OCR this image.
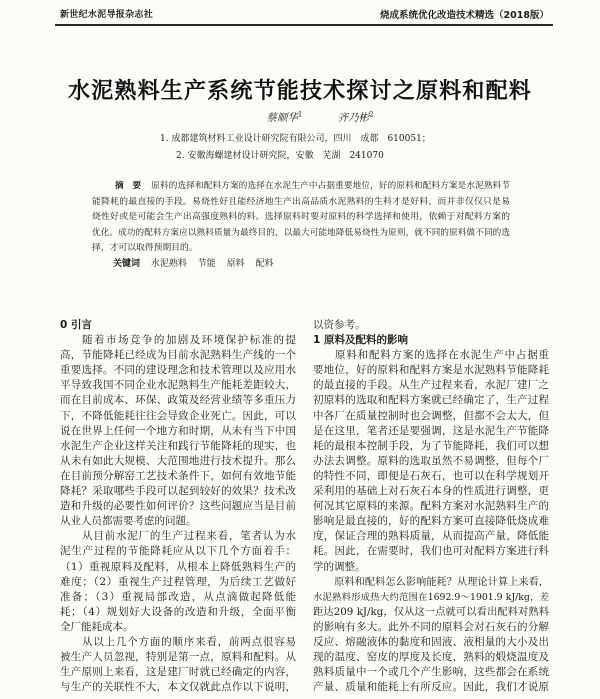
新世纪水泥导报杂志社	烧成系统优化改造技术精选（2018版）
水泥熟料生产系统节能技术探讨之原料和配料
蔡顺华$^1$	齐乃彬$^2$
1. 成都建筑材料工业设计研究院有限公司，四川　成都　610051；
2. 安徽海螺建材设计研究院，安徽　芜湖　241070
摘　要 原料的选择和配料方案的选择在水泥生产中占据重要地位，好的原料和配料方案是水泥熟料节
能降耗的最直接的手段。易烧性好且能经济地生产出高品质水泥熟料的生料才是好料，而并非仅仅只是易
烧性好或是可能会生产出高强度熟料的料。选择原料时要对原料的科学选择和使用，依赖于对配料方案的
优化。成功的配料方案应以熟料质量为最终目的，以最大可能地降低易烧性为原则，就不同的原料做不同的选
择，才可以取得预期目的。
关键词 水泥熟料 节能 原料 配料
0 引言
随着市场竞争的加剧及环境保护标准的提
高，节能降耗已经成为目前水泥熟料生产线的一个
重要选择。不同的建设理念和技术管理以及应用水
平导致我国不同企业水泥熟料生产能耗差距较大，
而在目前成本、环保、政策及经营业绩等多重压力
下，不降低能耗往往会导致企业死亡。因此，可以
说在世界上任何一个地方和时期，从未有当下中国
水泥生产企业这样关注和践行节能降耗的现实，也
从未有如此大规模、大范围地进行技术提升。那么
在目前预分解窑工艺技术条件下，如何有效地节能
降耗？采取哪些手段可以起到较好的效果？技术改
造和升级的必要性如何评价？这些问题应当是目前
从业人员都需要考虑的问题。
从目前水泥厂的生产过程来看，笔者认为水
泥生产过程的节能降耗应从以下几个方面着手：
（1）重视原料及配料，从根本上降低熟料生产的
难度；（2）重视生产过程管理，为后续工艺做好
准备；（3）重视局部改造，从点滴做起降低能
耗；（4）规划好大设备的改造和升级，全面平衡
全厂能耗成本。
从以上几个方面的顺序来看，前两点很容易
被生产人员忽视，特别是第一点，原料和配料。从
生产原则上来看，这是建厂时就已经确定的内容，
与生产的关联性不大，本文仅就此点作以下说明，
以资参考。
1 原料及配料的影响
原料和配料方案的选择在水泥生产中占据重
要地位，好的原料和配料方案是水泥熟料节能降耗
的最直接的手段。从生产过程来看，水泥厂建厂之
初原料的选取和配料方案就已经确定了，生产过程
中各厂在质量控制时也会调整，但都不会太大，但
是在这里，笔者还是要强调，这是水泥生产节能降
耗的最根本控制手段，为了节能降耗，我们可以想
办法去调整。原料的选取虽然不易调整，但每个厂
的特性不同，即便是石灰石，也可以在科学规划开
采利用的基础上对石灰石本身的性质进行调整，更
何况其它原料的来源。配料方案对水泥熟料生产的
影响是最直接的，好的配料方案可直接降低烧成难
度，保证合理的熟料质量，从而提高产量，降低能
耗。因此，在需要时，我们也可对配料方案进行科
学的调整。
原料和配料怎么影响能耗？从理论计算上来看，
水泥熟料形成热大约范围在1692.9～1901.9 kJ/kg，差
距达209 kJ/kg，仅从这一点就可以看出配料对熟料
的影响有多大。此外不同的原料会对石灰石的分解
反应、熔融液体的黏度和固液、液相量的大小及出
现的温度、窑皮的厚度及长度，熟料的煅烧温度及
熟料质量中一个或几个产生影响，这些都会在系统
产量、质量和能耗上有所反应。因此，我们才说原
